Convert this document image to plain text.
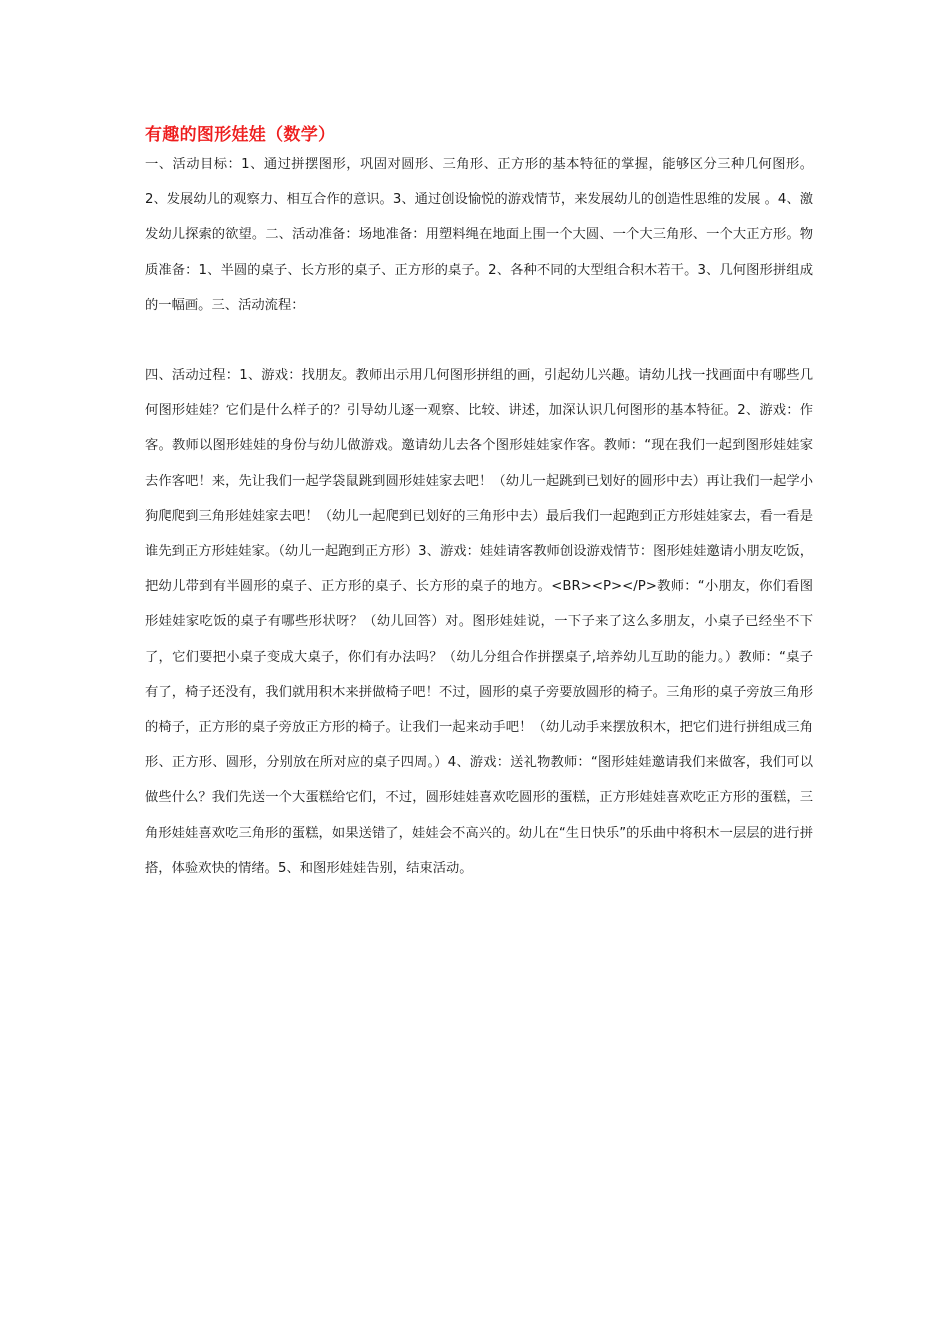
有趣的图形娃娃（数学）

一、活动目标：1、通过拼摆图形，巩固对圆形、三角形、正方形的基本特征的掌握，能够区分三种几何图形。2、发展幼儿的观察力、相互合作的意识。3、通过创设愉悦的游戏情节，来发展幼儿的创造性思维的发展 。4、激发幼儿探索的欲望。二、活动准备：场地准备：用塑料绳在地面上围一个大圆、一个大三角形、一个大正方形。物质准备：1、半圆的桌子、长方形的桌子、正方形的桌子。2、各种不同的大型组合积木若干。3、几何图形拼组成的一幅画。三、活动流程：

四、活动过程：1、游戏：找朋友。教师出示用几何图形拼组的画，引起幼儿兴趣。请幼儿找一找画面中有哪些几何图形娃娃？它们是什么样子的？引导幼儿逐一观察、比较、讲述，加深认识几何图形的基本特征。2、游戏：作客。教师以图形娃娃的身份与幼儿做游戏。邀请幼儿去各个图形娃娃家作客。教师：“现在我们一起到图形娃娃家去作客吧！来，先让我们一起学袋鼠跳到圆形娃娃家去吧！（幼儿一起跳到已划好的圆形中去）再让我们一起学小狗爬爬到三角形娃娃家去吧！（幼儿一起爬到已划好的三角形中去）最后我们一起跑到正方形娃娃家去，看一看是谁先到正方形娃娃家。（幼儿一起跑到正方形）3、游戏：娃娃请客教师创设游戏情节：图形娃娃邀请小朋友吃饭，把幼儿带到有半圆形的桌子、正方形的桌子、长方形的桌子的地方。<BR><P></P>教师：“小朋友，你们看图形娃娃家吃饭的桌子有哪些形状呀？（幼儿回答）对。图形娃娃说，一下子来了这么多朋友，小桌子已经坐不下了，它们要把小桌子变成大桌子，你们有办法吗？（幼儿分组合作拼摆桌子,培养幼儿互助的能力。）教师：“桌子有了，椅子还没有，我们就用积木来拼做椅子吧！不过，圆形的桌子旁要放圆形的椅子。三角形的桌子旁放三角形的椅子，正方形的桌子旁放正方形的椅子。让我们一起来动手吧！（幼儿动手来摆放积木，把它们进行拼组成三角形、正方形、圆形，分别放在所对应的桌子四周。）4、游戏：送礼物教师：“图形娃娃邀请我们来做客，我们可以做些什么？我们先送一个大蛋糕给它们，不过，圆形娃娃喜欢吃圆形的蛋糕，正方形娃娃喜欢吃正方形的蛋糕，三角形娃娃喜欢吃三角形的蛋糕，如果送错了，娃娃会不高兴的。幼儿在“生日快乐”的乐曲中将积木一层层的进行拼搭，体验欢快的情绪。5、和图形娃娃告别，结束活动。
